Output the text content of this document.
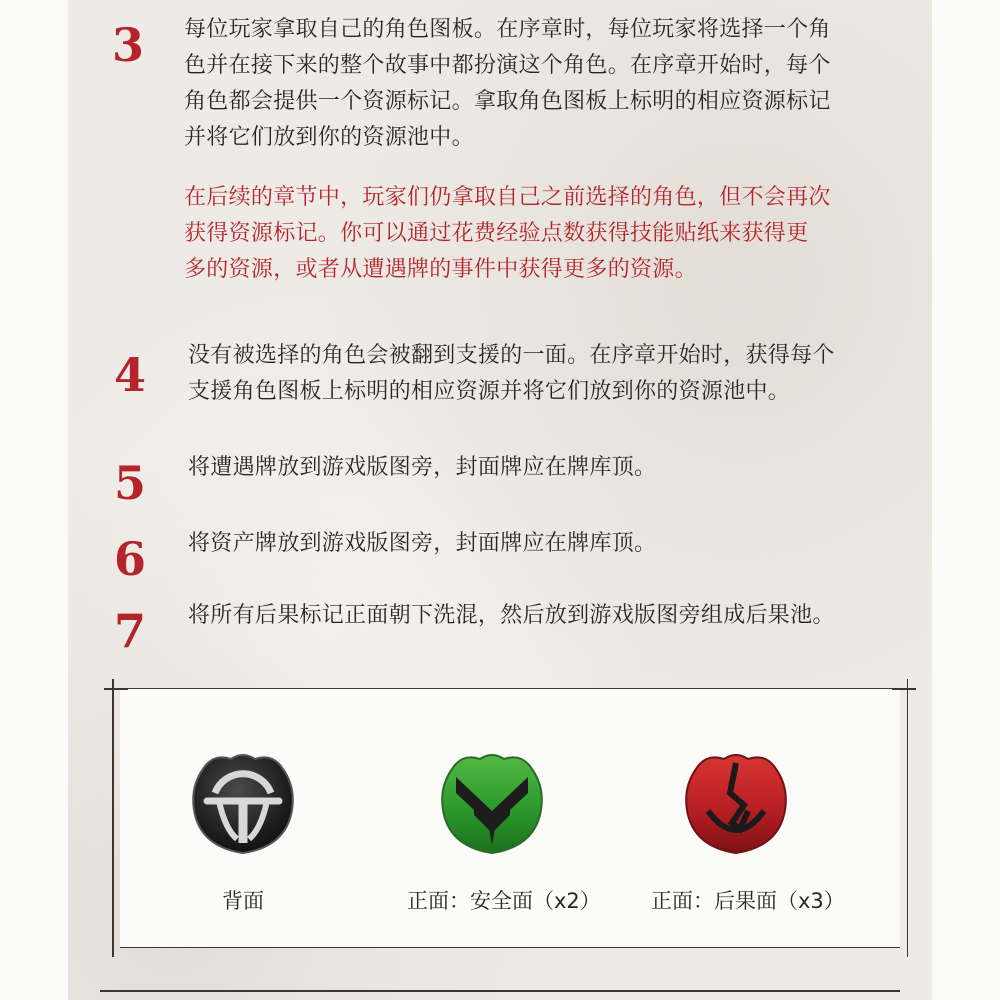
3 每位玩家拿取自己的角色图板。在序章时，每位玩家将选择一个角

色并在接下来的整个故事中都扮演这个角色。在序章开始时，每个

角色都会提供一个资源标记。拿取角色图板上标明的相应资源标记

并将它们放到你的资源池中。

在后续的章节中，玩家们仍拿取自己之前选择的角色，但不会再次

获得资源标记。你可以通过花费经验点数获得技能贴纸来获得更

多的资源，或者从遭遇牌的事件中获得更多的资源。

4 没有被选择的角色会被翻到支援的一面。在序章开始时，获得每个

支援角色图板上标明的相应资源并将它们放到你的资源池中。

5 将遭遇牌放到游戏版图旁，封面牌应在牌库顶。

6 将资产牌放到游戏版图旁，封面牌应在牌库顶。

7 将所有后果标记正面朝下洗混，然后放到游戏版图旁组成后果池。

背面	正面：安全面（x2） 正面：后果面（x3）
